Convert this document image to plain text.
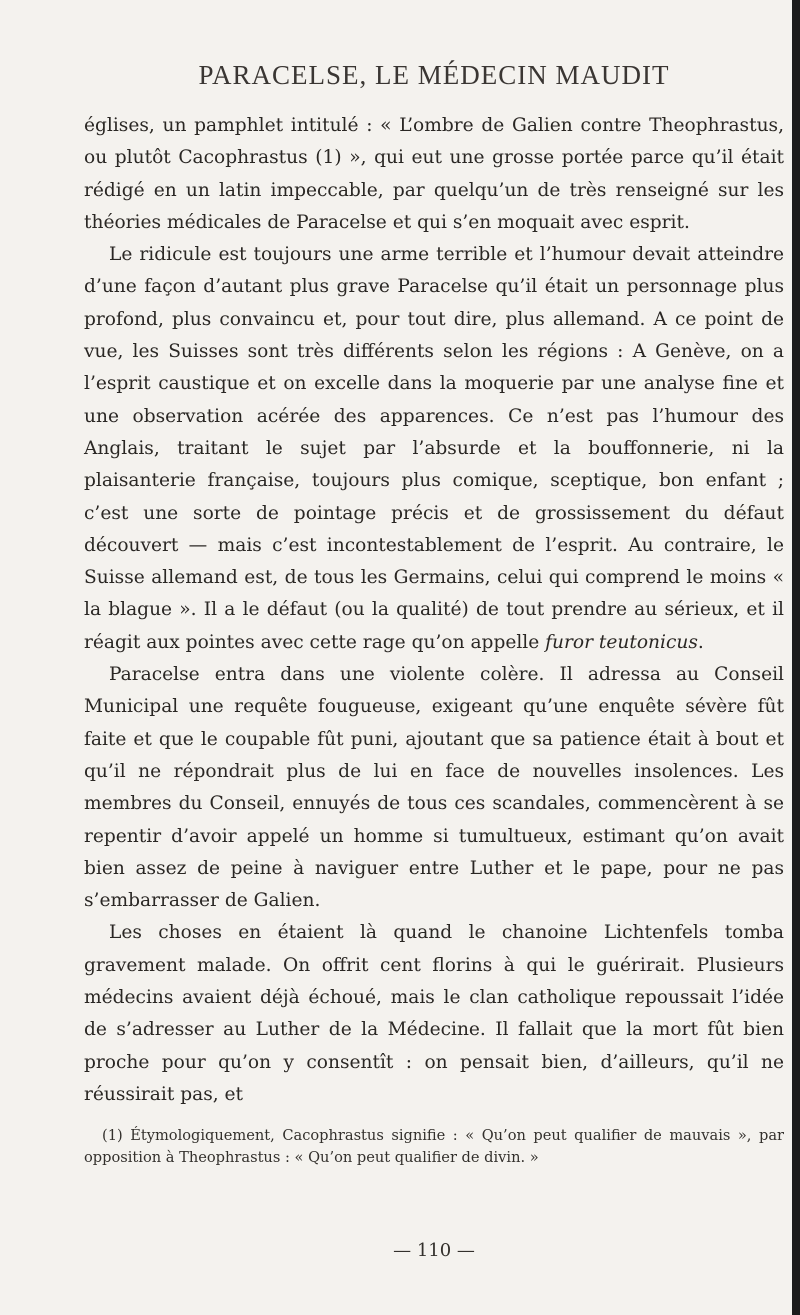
PARACELSE, LE MÉDECIN MAUDIT

églises, un pamphlet intitulé : « L’ombre de Galien contre Theophrastus, ou plutôt Cacophrastus (1) », qui eut une grosse portée parce qu’il était rédigé en un latin impeccable, par quelqu’un de très renseigné sur les théories médicales de Paracelse et qui s’en moquait avec esprit.

Le ridicule est toujours une arme terrible et l’humour devait atteindre d’une façon d’autant plus grave Paracelse qu’il était un personnage plus profond, plus convaincu et, pour tout dire, plus allemand. A ce point de vue, les Suisses sont très différents selon les régions : A Genève, on a l’esprit caustique et on excelle dans la moquerie par une analyse fine et une observation acérée des apparences. Ce n’est pas l’humour des Anglais, traitant le sujet par l’absurde et la bouffonnerie, ni la plaisanterie française, toujours plus comique, sceptique, bon enfant ; c’est une sorte de pointage précis et de grossissement du défaut découvert — mais c’est incontestablement de l’esprit. Au contraire, le Suisse allemand est, de tous les Germains, celui qui comprend le moins « la blague ». Il a le défaut (ou la qualité) de tout prendre au sérieux, et il réagit aux pointes avec cette rage qu’on appelle furor teutonicus.

Paracelse entra dans une violente colère. Il adressa au Conseil Municipal une requête fougueuse, exigeant qu’une enquête sévère fût faite et que le coupable fût puni, ajoutant que sa patience était à bout et qu’il ne répondrait plus de lui en face de nouvelles insolences. Les membres du Conseil, ennuyés de tous ces scandales, commencèrent à se repentir d’avoir appelé un homme si tumultueux, estimant qu’on avait bien assez de peine à naviguer entre Luther et le pape, pour ne pas s’embarrasser de Galien.

Les choses en étaient là quand le chanoine Lichtenfels tomba gravement malade. On offrit cent florins à qui le guérirait. Plusieurs médecins avaient déjà échoué, mais le clan catholique repoussait l’idée de s’adresser au Luther de la Médecine. Il fallait que la mort fût bien proche pour qu’on y consentît : on pensait bien, d’ailleurs, qu’il ne réussirait pas, et

(1) Étymologiquement, Cacophrastus signifie : « Qu’on peut qualifier de mauvais », par opposition à Theophrastus : « Qu’on peut qualifier de divin. »

— 110 —
